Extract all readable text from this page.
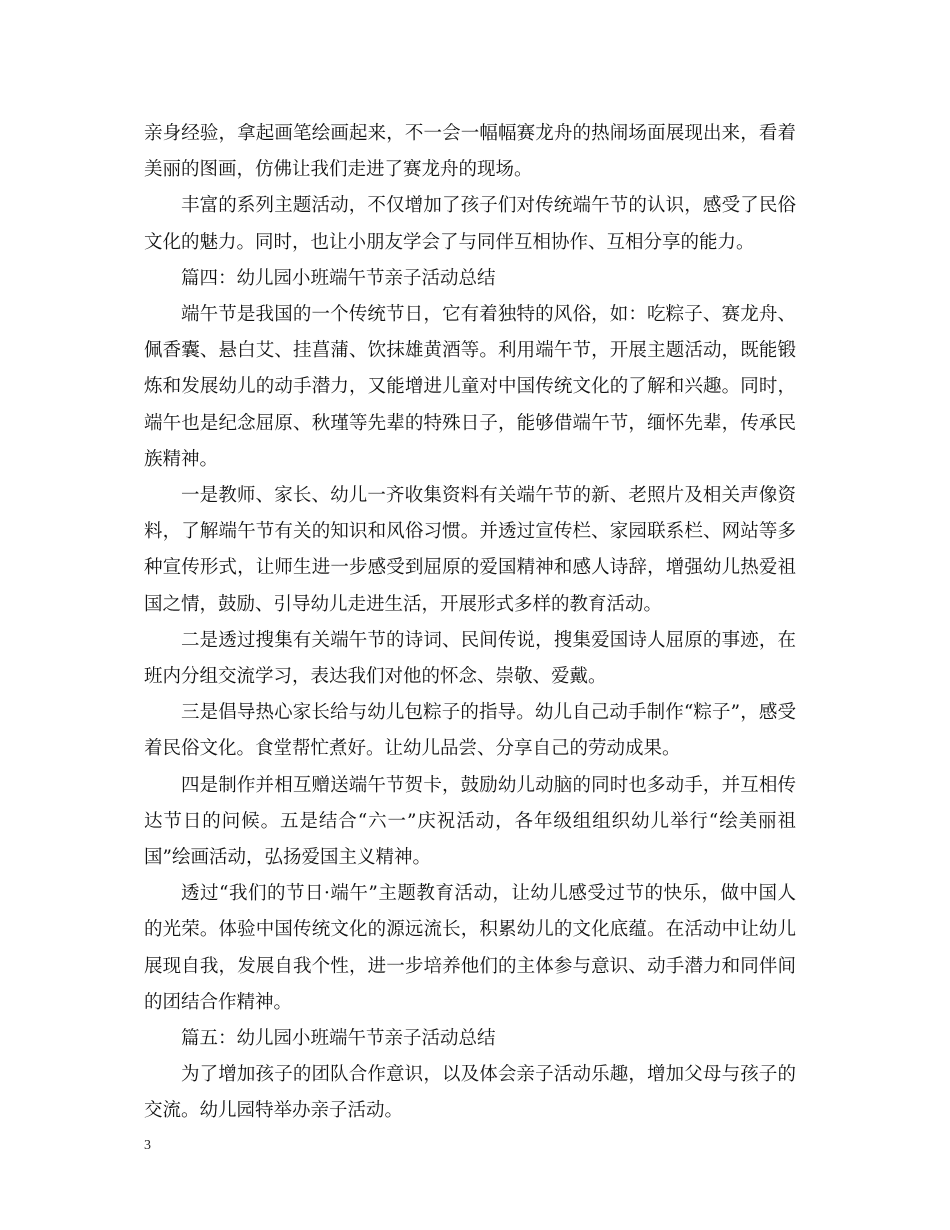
亲身经验，拿起画笔绘画起来，不一会一幅幅赛龙舟的热闹场面展现出来，看着美丽的图画，仿佛让我们走进了赛龙舟的现场。

丰富的系列主题活动，不仅增加了孩子们对传统端午节的认识，感受了民俗文化的魅力。同时，也让小朋友学会了与同伴互相协作、互相分享的能力。

篇四：幼儿园小班端午节亲子活动总结

端午节是我国的一个传统节日，它有着独特的风俗，如：吃粽子、赛龙舟、佩香囊、悬白艾、挂菖蒲、饮抹雄黄酒等。利用端午节，开展主题活动，既能锻炼和发展幼儿的动手潜力，又能增进儿童对中国传统文化的了解和兴趣。同时，端午也是纪念屈原、秋瑾等先辈的特殊日子，能够借端午节，缅怀先辈，传承民族精神。

一是教师、家长、幼儿一齐收集资料有关端午节的新、老照片及相关声像资料，了解端午节有关的知识和风俗习惯。并透过宣传栏、家园联系栏、网站等多种宣传形式，让师生进一步感受到屈原的爱国精神和感人诗辞，增强幼儿热爱祖国之情，鼓励、引导幼儿走进生活，开展形式多样的教育活动。

二是透过搜集有关端午节的诗词、民间传说，搜集爱国诗人屈原的事迹，在班内分组交流学习，表达我们对他的怀念、崇敬、爱戴。

三是倡导热心家长给与幼儿包粽子的指导。幼儿自己动手制作“粽子”，感受着民俗文化。食堂帮忙煮好。让幼儿品尝、分享自己的劳动成果。

四是制作并相互赠送端午节贺卡，鼓励幼儿动脑的同时也多动手，并互相传达节日的问候。五是结合“六一”庆祝活动，各年级组组织幼儿举行“绘美丽祖国”绘画活动，弘扬爱国主义精神。

透过“我们的节日·端午”主题教育活动，让幼儿感受过节的快乐，做中国人的光荣。体验中国传统文化的源远流长，积累幼儿的文化底蕴。在活动中让幼儿展现自我，发展自我个性，进一步培养他们的主体参与意识、动手潜力和同伴间的团结合作精神。

篇五：幼儿园小班端午节亲子活动总结

为了增加孩子的团队合作意识，以及体会亲子活动乐趣，增加父母与孩子的交流。幼儿园特举办亲子活动。

3
